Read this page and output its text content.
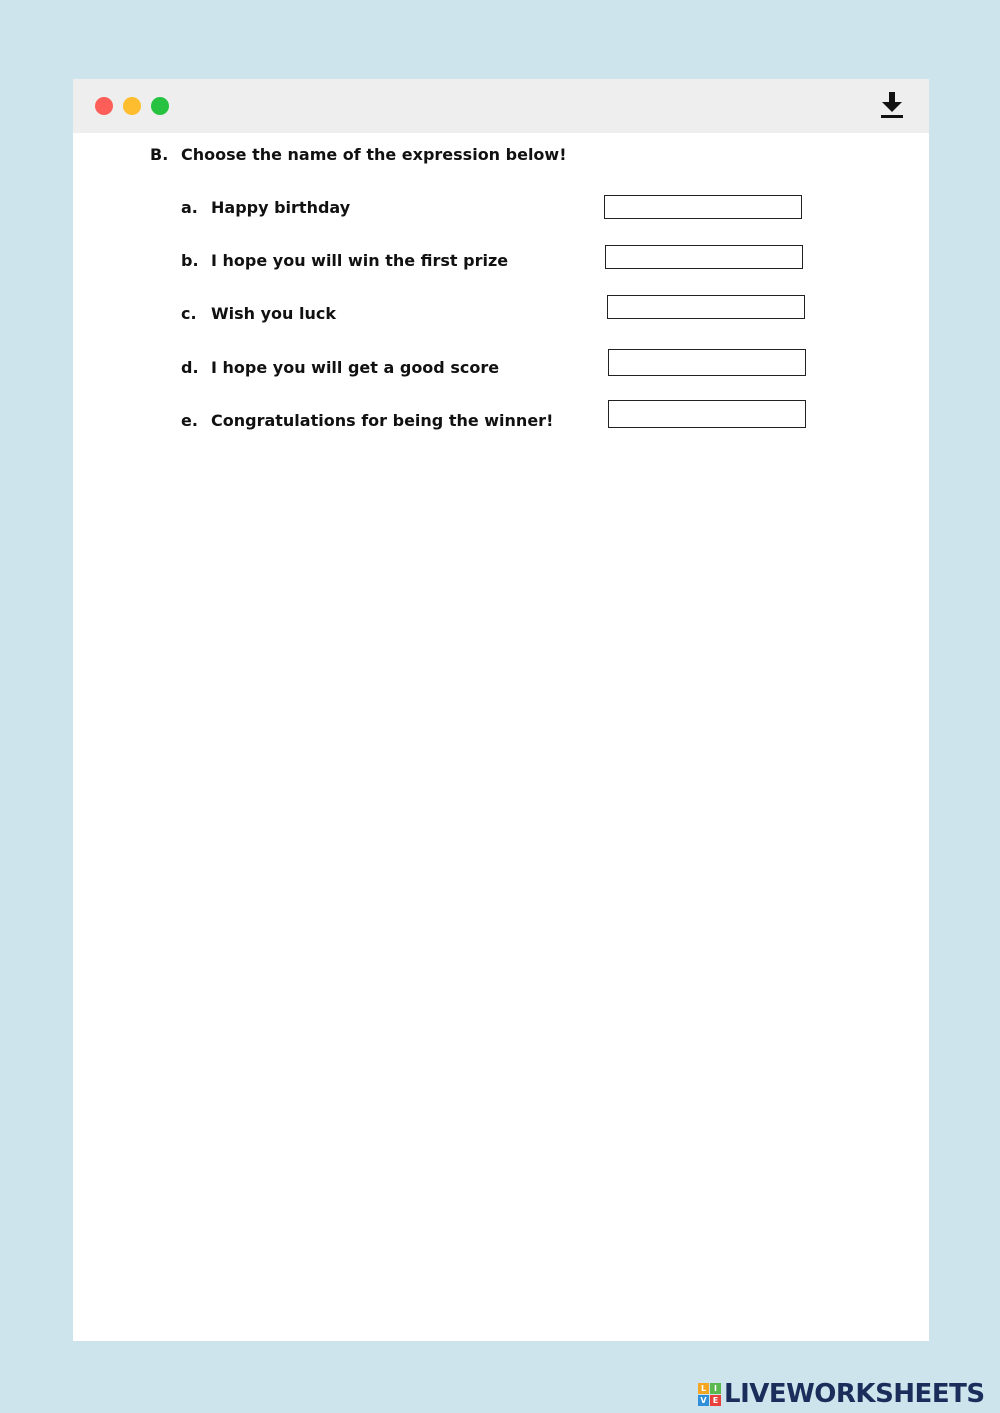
B. Choose the name of the expression below!
a. Happy birthday
b. I hope you will win the first prize
c. Wish you luck
d. I hope you will get a good score
e. Congratulations for being the winner!
L I
V E LIVEWORKSHEETS
